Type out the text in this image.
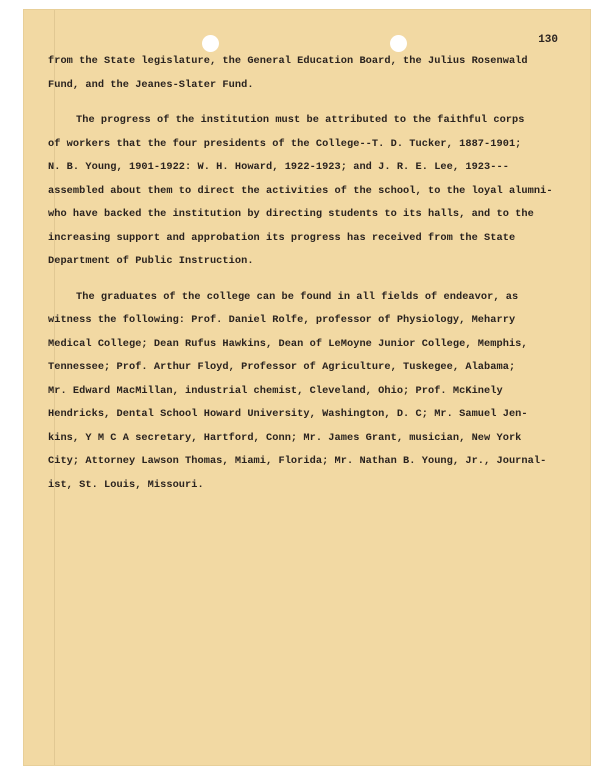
130
from the State legislature, the General Education Board, the Julius Rosenwald
Fund, and the Jeanes-Slater Fund.
The progress of the institution must be attributed to the faithful corps
of workers that the four presidents of the College--T. D. Tucker, 1887-1901;
N. B. Young, 1901-1922: W. H. Howard, 1922-1923; and J. R. E. Lee, 1923---
assembled about them to direct the activities of the school, to the loyal alumni-
who have backed the institution by directing students to its halls, and to the
increasing support and approbation its progress has received from the State
Department of Public Instruction.
The graduates of the college can be found in all fields of endeavor, as
witness the following: Prof. Daniel Rolfe, professor of Physiology, Meharry
Medical College; Dean Rufus Hawkins, Dean of LeMoyne Junior College, Memphis,
Tennessee; Prof. Arthur Floyd, Professor of Agriculture, Tuskegee, Alabama;
Mr. Edward MacMillan, industrial chemist, Cleveland, Ohio; Prof. McKinely
Hendricks, Dental School Howard University, Washington, D. C; Mr. Samuel Jen-
kins, Y M C A secretary, Hartford, Conn; Mr. James Grant, musician, New York
City; Attorney Lawson Thomas, Miami, Florida; Mr. Nathan B. Young, Jr., Journal-
ist, St. Louis, Missouri.
